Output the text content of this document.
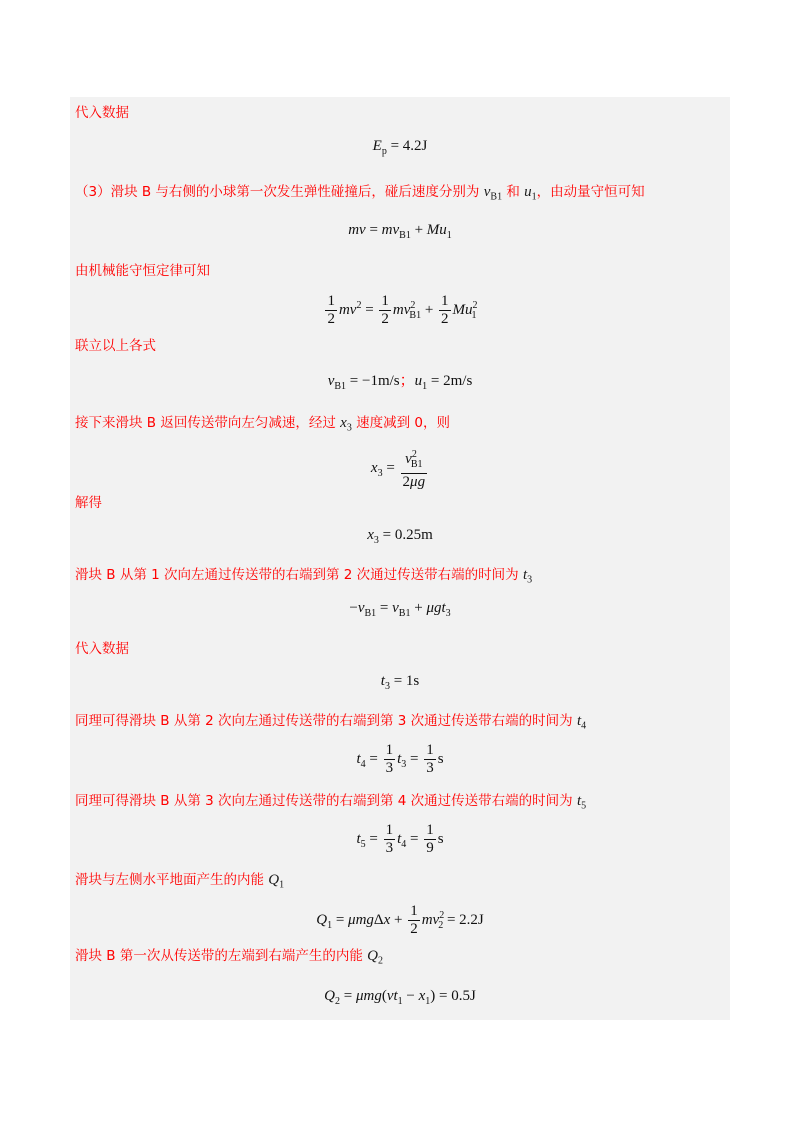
代入数据
$E_p = 4.2J$
（3）滑块 B 与右侧的小球第一次发生弹性碰撞后，碰后速度分别为 $v_{B1}$ 和 $u_1$，由动量守恒可知
mv = $mv_{B1} + Mu_1$
由机械能守恒定律可知
$\frac{1}{2} mv^2 = \frac{1}{2} mv^2_{B1} + \frac{1}{2} Mu^2_1$
联立以上各式
$v_{B1} = -1m/s$；$u_1 = 2m/s$
接下来滑块 B 返回传送带向左匀减速，经过 $x_3$ 速度减到 0，则
$x_3 = \frac{v^2_{B1}}{2\mu g}$
解得
$x_3 = 0.25m$
滑块 B 从第 1 次向左通过传送带的右端到第 2 次通过传送带右端的时间为 $t_3$
$-v_{B1} = v_{B1} + \mu gt_3$
代入数据
$t_3 = 1s$
同理可得滑块 B 从第 2 次向左通过传送带的右端到第 3 次通过传送带右端的时间为 $t_4$
$t_4 = \frac{1}{3} t_3 = \frac{1}{3}$ s
同理可得滑块 B 从第 3 次向左通过传送带的右端到第 4 次通过传送带右端的时间为 $t_5$
$t_5 = \frac{1}{3} t_4 = \frac{1}{9}$ s
滑块与左侧水平地面产生的内能 $Q_1$
$Q_1 = \mu mg\Delta x + \frac{1}{2} mv^2_2 = 2.2J$
滑块 B 第一次从传送带的左端到右端产生的内能 $Q_2$
$Q_2 = \mu mg(vt_1 - x_1) = 0.5J$
